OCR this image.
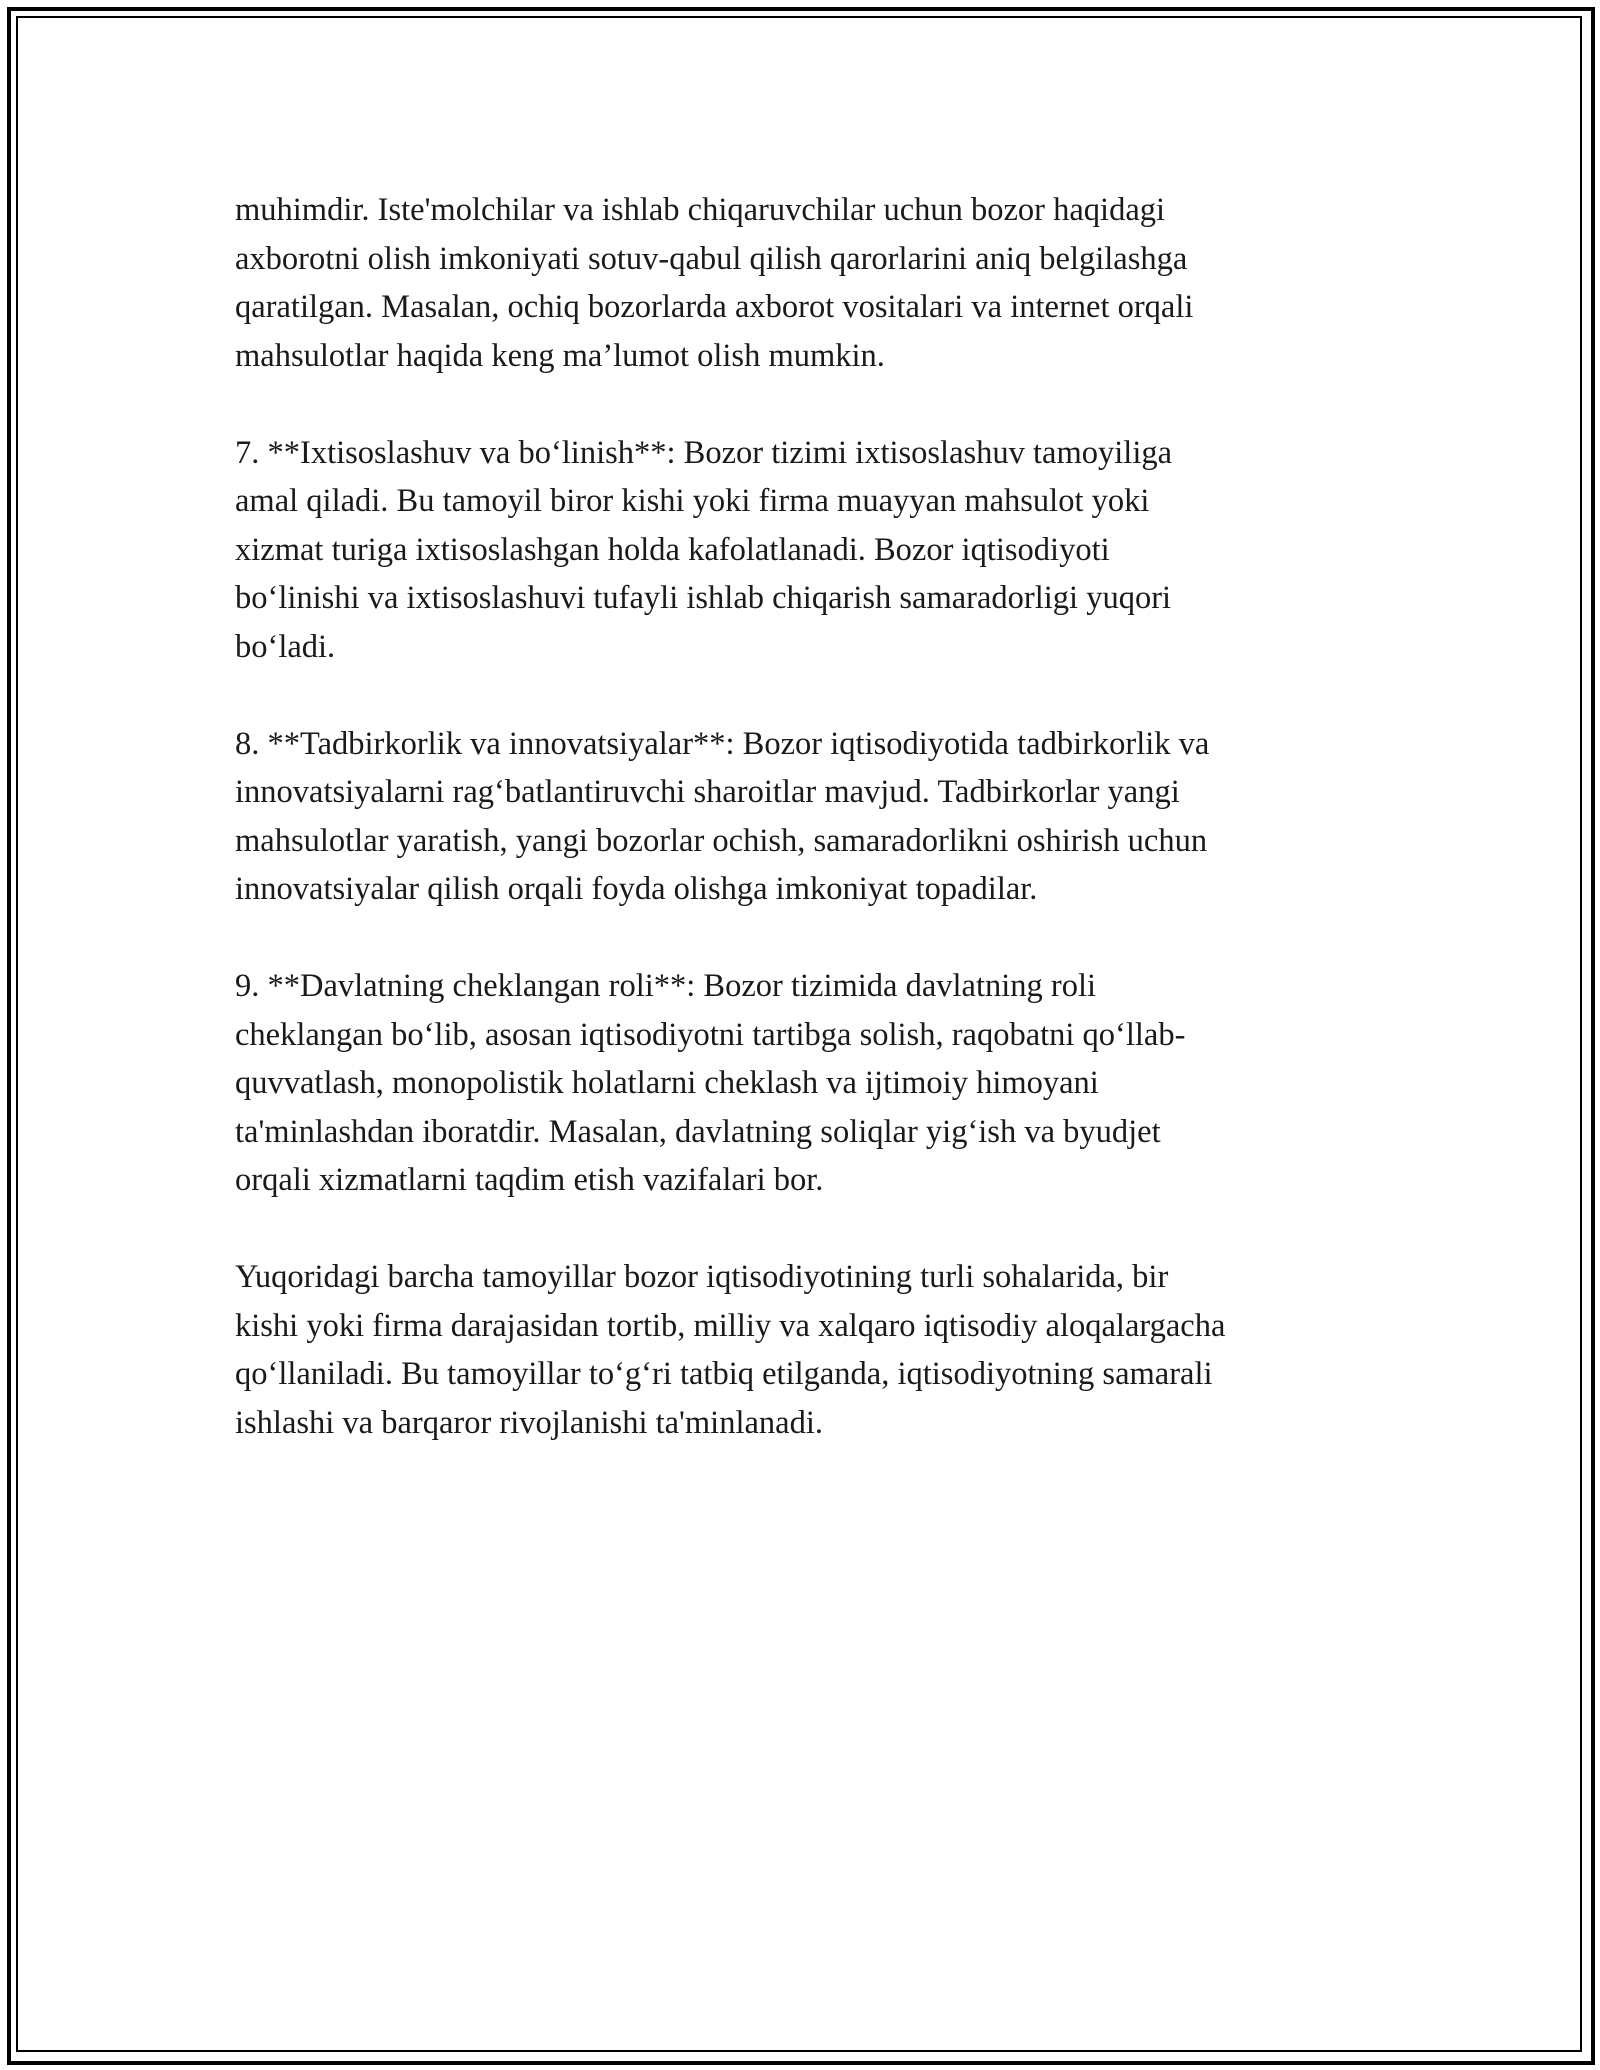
muhimdir. Iste'molchilar va ishlab chiqaruvchilar uchun bozor haqidagi
axborotni olish imkoniyati sotuv-qabul qilish qarorlarini aniq belgilashga
qaratilgan. Masalan, ochiq bozorlarda axborot vositalari va internet orqali
mahsulotlar haqida keng ma’lumot olish mumkin.

7. **Ixtisoslashuv va bo‘linish**: Bozor tizimi ixtisoslashuv tamoyiliga
amal qiladi. Bu tamoyil biror kishi yoki firma muayyan mahsulot yoki
xizmat turiga ixtisoslashgan holda kafolatlanadi. Bozor iqtisodiyoti
bo‘linishi va ixtisoslashuvi tufayli ishlab chiqarish samaradorligi yuqori
bo‘ladi.

8. **Tadbirkorlik va innovatsiyalar**: Bozor iqtisodiyotida tadbirkorlik va
innovatsiyalarni rag‘batlantiruvchi sharoitlar mavjud. Tadbirkorlar yangi
mahsulotlar yaratish, yangi bozorlar ochish, samaradorlikni oshirish uchun
innovatsiyalar qilish orqali foyda olishga imkoniyat topadilar.

9. **Davlatning cheklangan roli**: Bozor tizimida davlatning roli
cheklangan bo‘lib, asosan iqtisodiyotni tartibga solish, raqobatni qo‘llab-
quvvatlash, monopolistik holatlarni cheklash va ijtimoiy himoyani
ta'minlashdan iboratdir. Masalan, davlatning soliqlar yig‘ish va byudjet
orqali xizmatlarni taqdim etish vazifalari bor.

Yuqoridagi barcha tamoyillar bozor iqtisodiyotining turli sohalarida, bir
kishi yoki firma darajasidan tortib, milliy va xalqaro iqtisodiy aloqalargacha
qo‘llaniladi. Bu tamoyillar to‘g‘ri tatbiq etilganda, iqtisodiyotning samarali
ishlashi va barqaror rivojlanishi ta'minlanadi.
